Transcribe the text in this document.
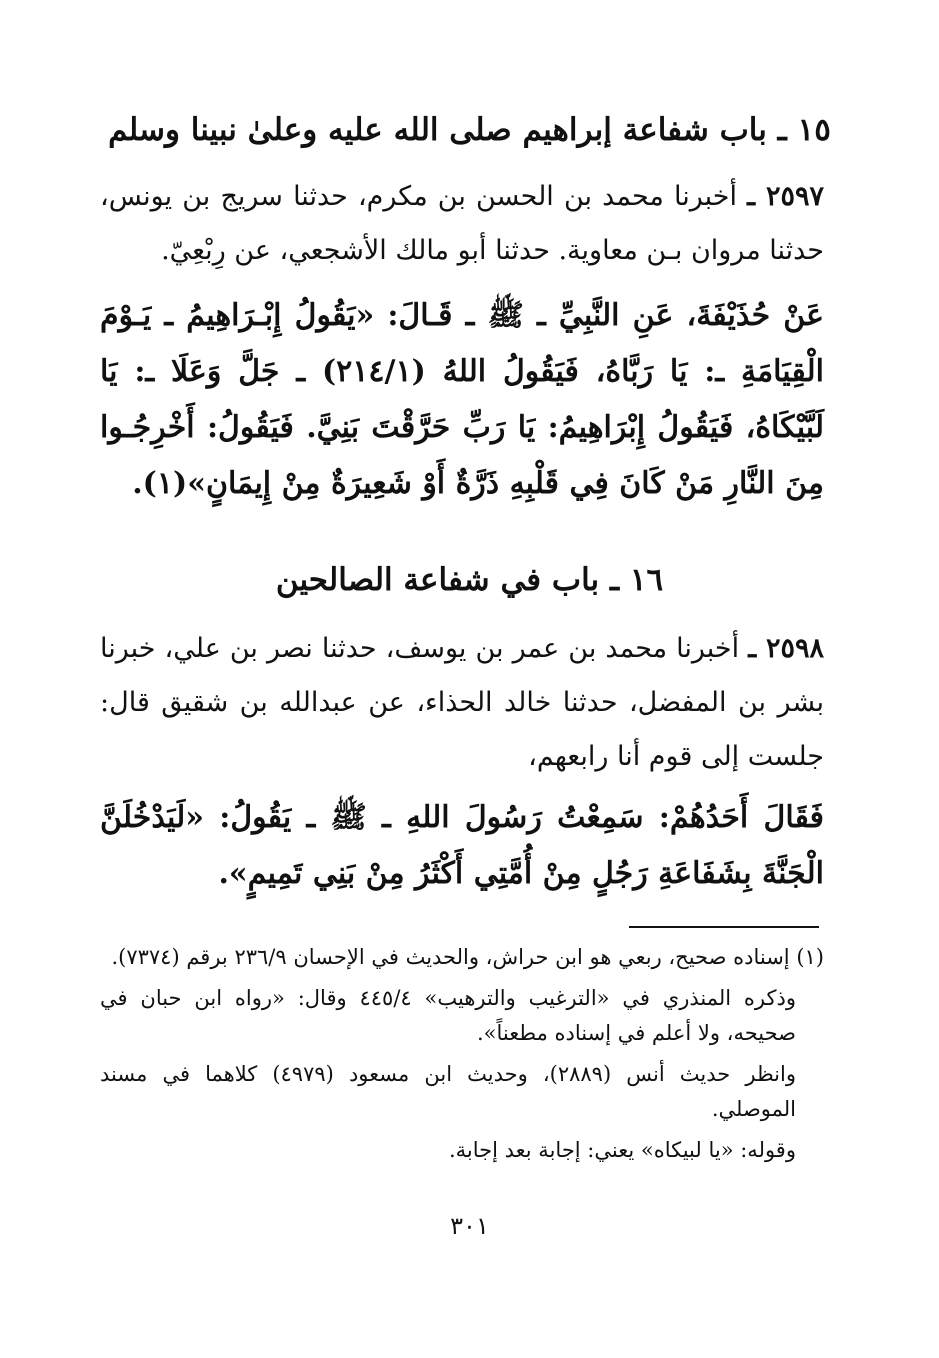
١٥ ـ باب شفاعة إبراهيم صلى الله عليه وعلىٰ نبينا وسلم
٢٥٩٧ ـ أخبرنا محمد بن الحسن بن مكرم، حدثنا سريج بن يونس، حدثنا مروان بـن معاوية. حدثنا أبو مالك الأشجعي، عن رِبْعِيّ.
عَنْ حُذَيْفَةَ، عَنِ النَّبِيِّ ـ ﷺ ـ قَـالَ: «يَقُولُ إِبْـرَاهِيمُ ـ يَـوْمَ الْقِيَامَةِ ـ: يَا رَبَّاهُ، فَيَقُولُ اللهُ (٢١٤/١) ـ جَلَّ وَعَلَا ـ: يَا لَبَّيْكَاهُ، فَيَقُولُ إِبْرَاهِيمُ: يَا رَبِّ حَرَّقْتَ بَنِيَّ. فَيَقُولُ: أَخْرِجُـوا مِنَ النَّارِ مَنْ كَانَ فِي قَلْبِهِ ذَرَّةٌ أَوْ شَعِيرَةٌ مِنْ إِيمَانٍ»(١).
١٦ ـ باب في شفاعة الصالحين
٢٥٩٨ ـ أخبرنا محمد بن عمر بن يوسف، حدثنا نصر بن علي، خبرنا بشر بن المفضل، حدثنا خالد الحذاء، عن عبدالله بن شقيق قال: جلست إلى قوم أنا رابعهم،
فَقَالَ أَحَدُهُمْ: سَمِعْتُ رَسُولَ اللهِ ـ ﷺ ـ يَقُولُ: «لَيَدْخُلَنَّ الْجَنَّةَ بِشَفَاعَةِ رَجُلٍ مِنْ أُمَّتِي أَكْثَرُ مِنْ بَنِي تَمِيمٍ».

(١) إسناده صحيح، ربعي هو ابن حراش، والحديث في الإحسان ٢٣٦/٩ برقم (٧٣٧٤).

وذكره المنذري في «الترغيب والترهيب» ٤٤٥/٤ وقال: «رواه ابن حبان في صحيحه، ولا أعلم في إسناده مطعناً».

وانظر حديث أنس (٢٨٨٩)، وحديث ابن مسعود (٤٩٧٩) كلاهما في مسند الموصلي.

وقوله: «يا لبيكاه» يعني: إجابة بعد إجابة.

٣٠١
